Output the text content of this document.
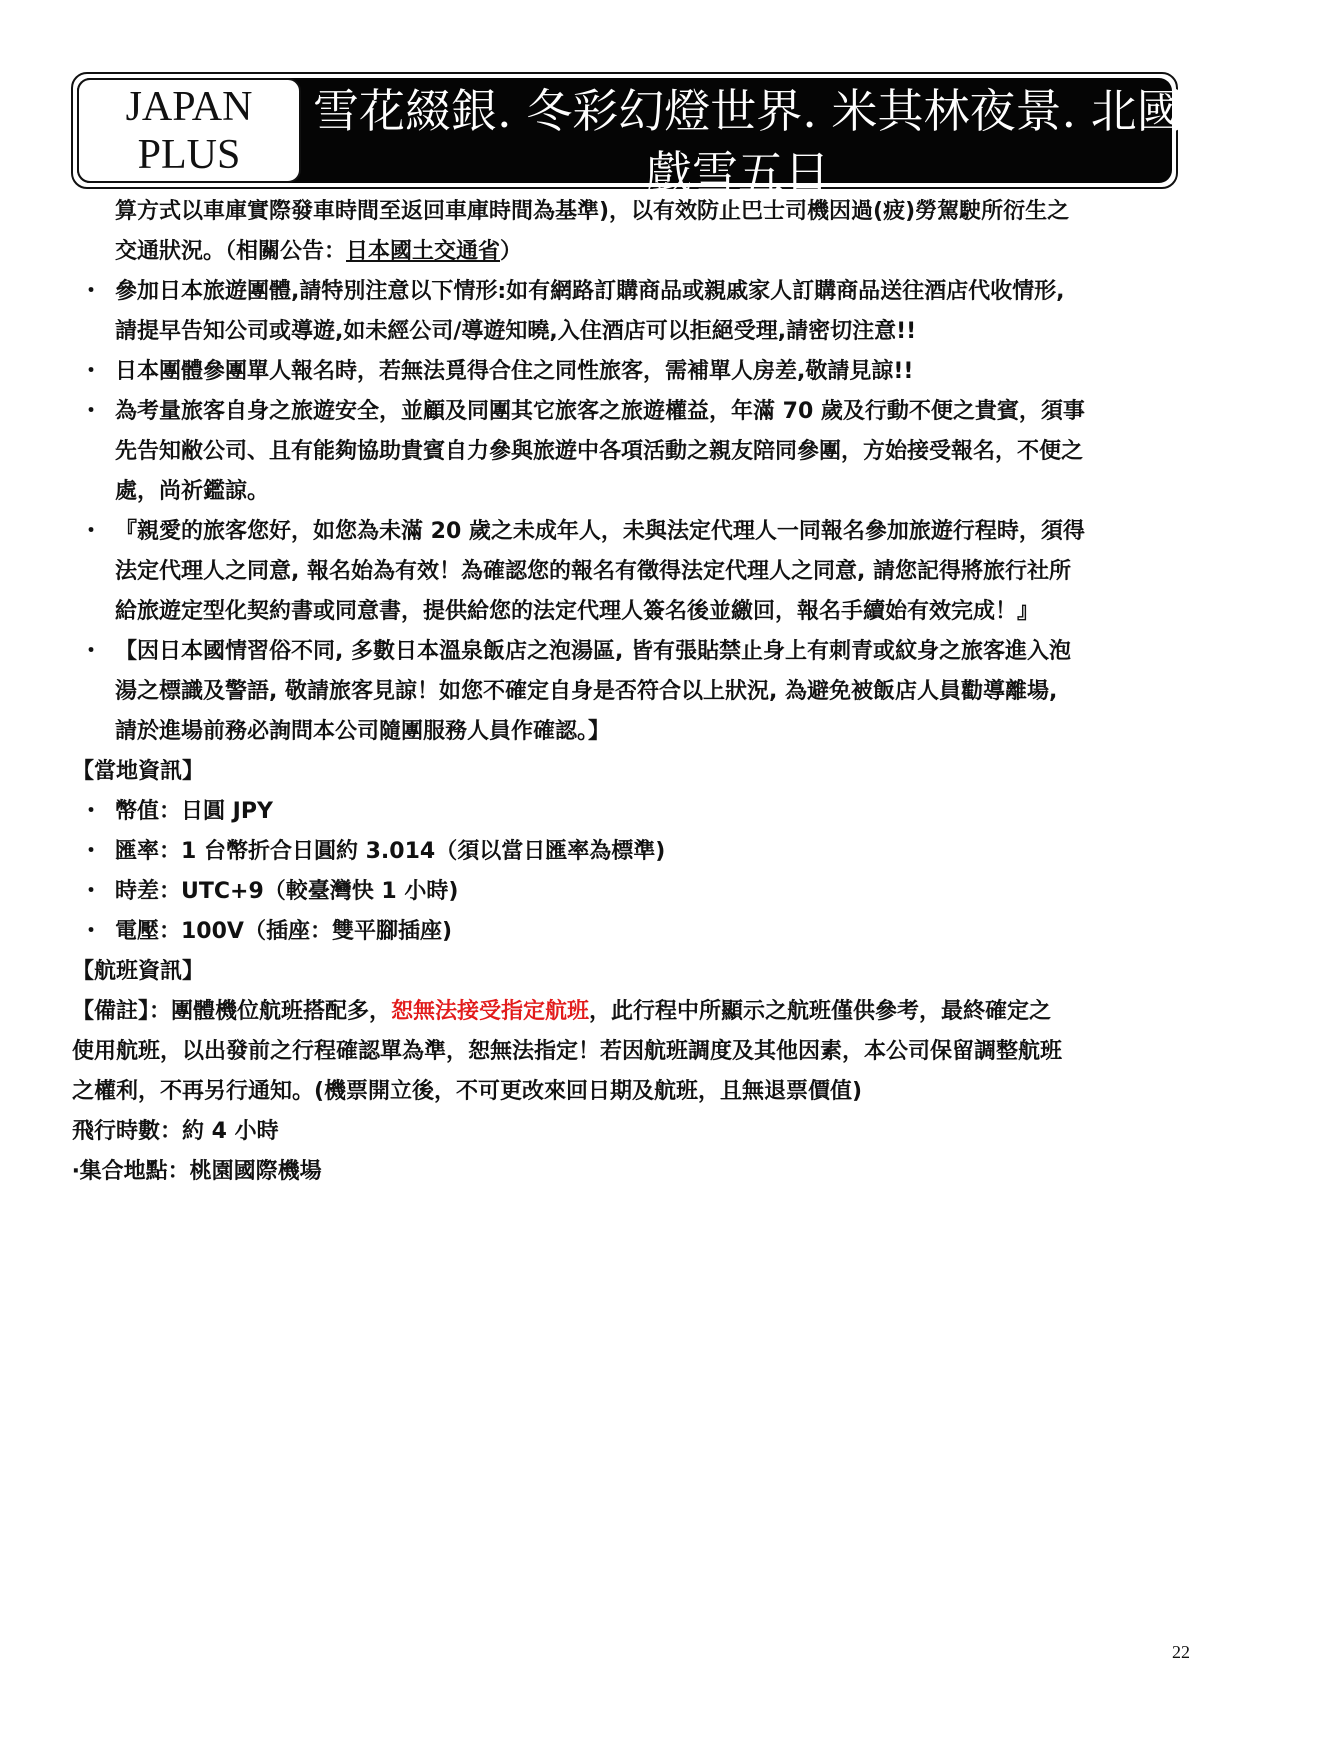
JAPAN
PLUS
雪花綴銀. 冬彩幻燈世界. 米其林夜景. 北國三溫泉
戲雪五日

算方式以車庫實際發車時間至返回車庫時間為基準)，以有效防止巴士司機因過(疲)勞駕駛所衍生之

交通狀況。（相關公告：日本國土交通省）

・ 參加日本旅遊團體,請特別注意以下情形:如有網路訂購商品或親戚家人訂購商品送往酒店代收情形,
請提早告知公司或導遊,如未經公司/導遊知曉,入住酒店可以拒絕受理,請密切注意!!
・ 日本團體參團單人報名時，若無法覓得合住之同性旅客，需補單人房差,敬請見諒!!
・ 為考量旅客自身之旅遊安全，並顧及同團其它旅客之旅遊權益，年滿 70 歲及行動不便之貴賓，須事
先告知敝公司、且有能夠協助貴賓自力參與旅遊中各項活動之親友陪同參團，方始接受報名，不便之
處，尚祈鑑諒。
・ 『親愛的旅客您好，如您為未滿 20 歲之未成年人，未與法定代理人一同報名參加旅遊行程時，須得
法定代理人之同意, 報名始為有效！為確認您的報名有徵得法定代理人之同意, 請您記得將旅行社所
給旅遊定型化契約書或同意書，提供給您的法定代理人簽名後並繳回，報名手續始有效完成！』
・ 【因日本國情習俗不同, 多數日本溫泉飯店之泡湯區, 皆有張貼禁止身上有刺青或紋身之旅客進入泡
湯之標識及警語, 敬請旅客見諒！如您不確定自身是否符合以上狀況, 為避免被飯店人員勸導離場,
請於進場前務必詢問本公司隨團服務人員作確認。】

【當地資訊】

・ 幣值：日圓 JPY
・ 匯率：1 台幣折合日圓約 3.014（須以當日匯率為標準)
・ 時差：UTC+9（較臺灣快 1 小時)
・ 電壓：100V（插座：雙平腳插座)

【航班資訊】

【備註】：團體機位航班搭配多，恕無法接受指定航班，此行程中所顯示之航班僅供參考，最終確定之

使用航班，以出發前之行程確認單為準，恕無法指定！若因航班調度及其他因素，本公司保留調整航班

之權利，不再另行通知。(機票開立後，不可更改來回日期及航班，且無退票價值)

飛行時數：約 4 小時

‧集合地點：桃園國際機場

22
